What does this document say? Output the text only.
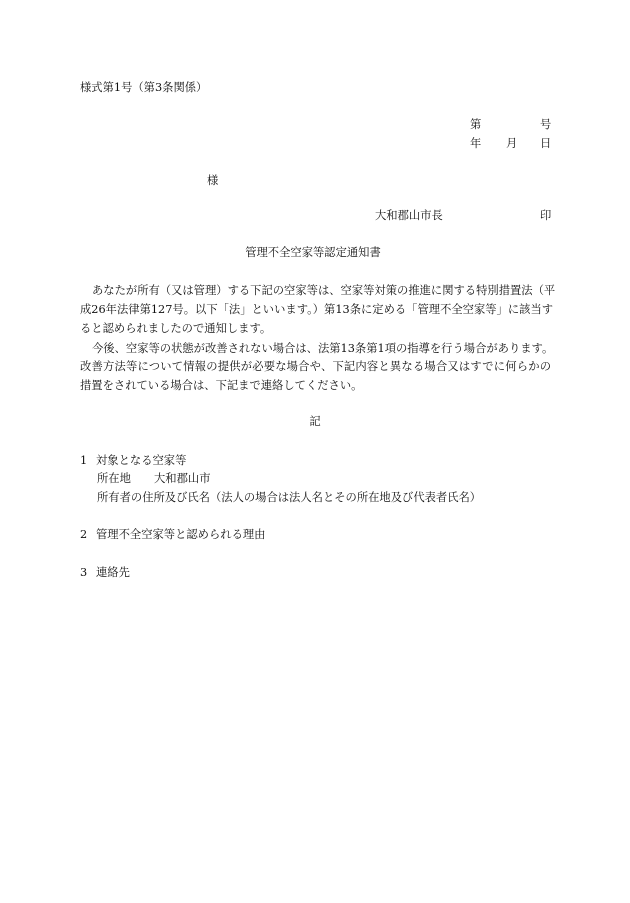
様式第1号（第3条関係）
第	号
年 月 日
様
大和郡山市長	印
管理不全空家等認定通知書
あなたが所有（又は管理）する下記の空家等は、空家等対策の推進に関する特別措置法（平
成26年法律第127号。以下「法」といいます。）第13条に定める「管理不全空家等」に該当す
ると認められましたので通知します。
今後、空家等の状態が改善されない場合は、法第13条第1項の指導を行う場合があります。
改善方法等について情報の提供が必要な場合や、下記内容と異なる場合又はすでに何らかの
措置をされている場合は、下記まで連絡してください。
記
1 対象となる空家等
所在地 大和郡山市
所有者の住所及び氏名（法人の場合は法人名とその所在地及び代表者氏名）
2 管理不全空家等と認められる理由
3 連絡先
